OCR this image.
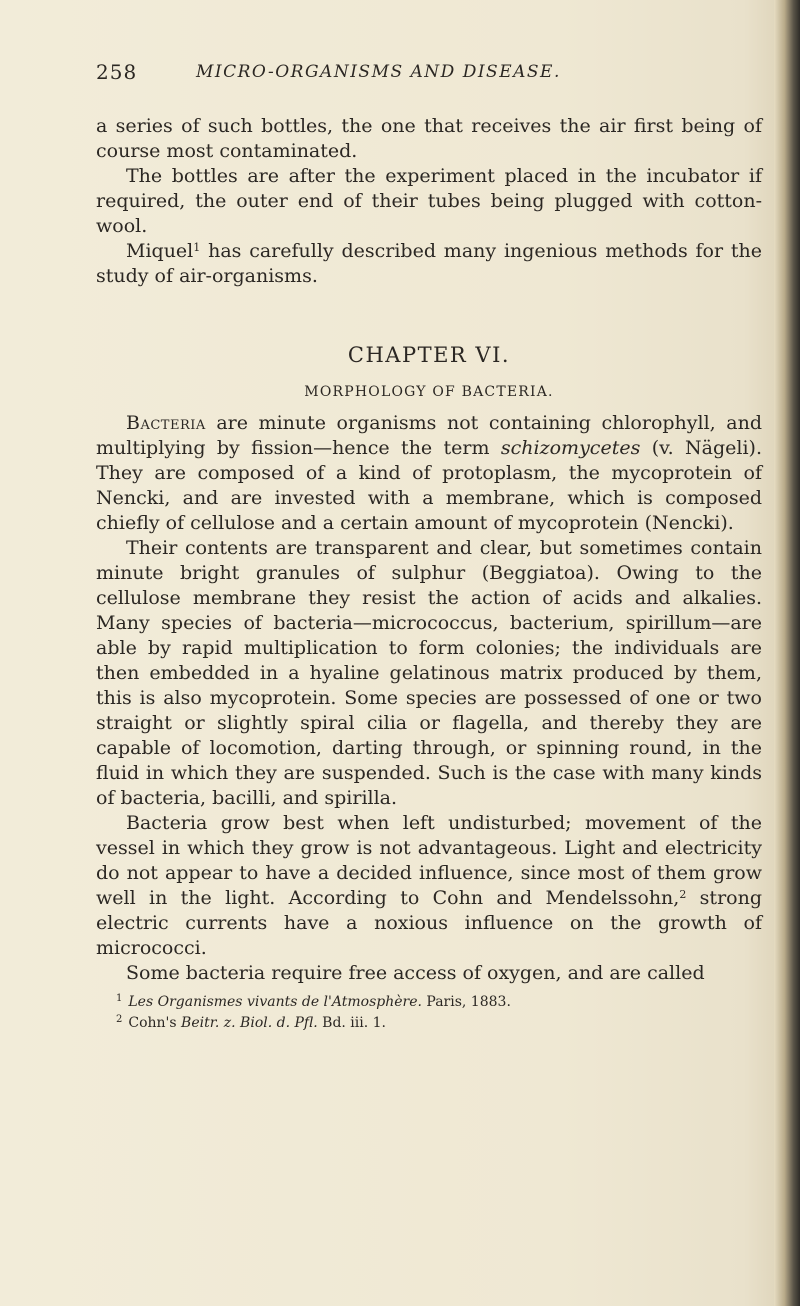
258	MICRO-ORGANISMS AND DISEASE.

a series of such bottles, the one that receives the air first being of course most contaminated.

The bottles are after the experiment placed in the incubator if required, the outer end of their tubes being plugged with cotton-wool.

Miquel$^1$ has carefully described many ingenious methods for the study of air-organisms.

CHAPTER VI.
MORPHOLOGY OF BACTERIA.

Bacteria are minute organisms not containing chlorophyll, and multiplying by fission—hence the term schizomycetes (v. Nägeli). They are composed of a kind of protoplasm, the mycoprotein of Nencki, and are invested with a membrane, which is composed chiefly of cellulose and a certain amount of mycoprotein (Nencki).

Their contents are transparent and clear, but sometimes contain minute bright granules of sulphur (Beggiatoa). Owing to the cellulose membrane they resist the action of acids and alkalies. Many species of bacteria—micrococcus, bacterium, spirillum—are able by rapid multiplication to form colonies; the individuals are then embedded in a hyaline gelatinous matrix produced by them, this is also mycoprotein. Some species are possessed of one or two straight or slightly spiral cilia or flagella, and thereby they are capable of locomotion, darting through, or spinning round, in the fluid in which they are suspended. Such is the case with many kinds of bacteria, bacilli, and spirilla.

Bacteria grow best when left undisturbed; movement of the vessel in which they grow is not advantageous. Light and electricity do not appear to have a decided influence, since most of them grow well in the light. According to Cohn and Mendelssohn,$^2$ strong electric currents have a noxious influence on the growth of micrococci.

Some bacteria require free access of oxygen, and are called

$^1$ Les Organismes vivants de l'Atmosphère. Paris, 1883.

$^2$ Cohn's Beitr. z. Biol. d. Pfl. Bd. iii. 1.
